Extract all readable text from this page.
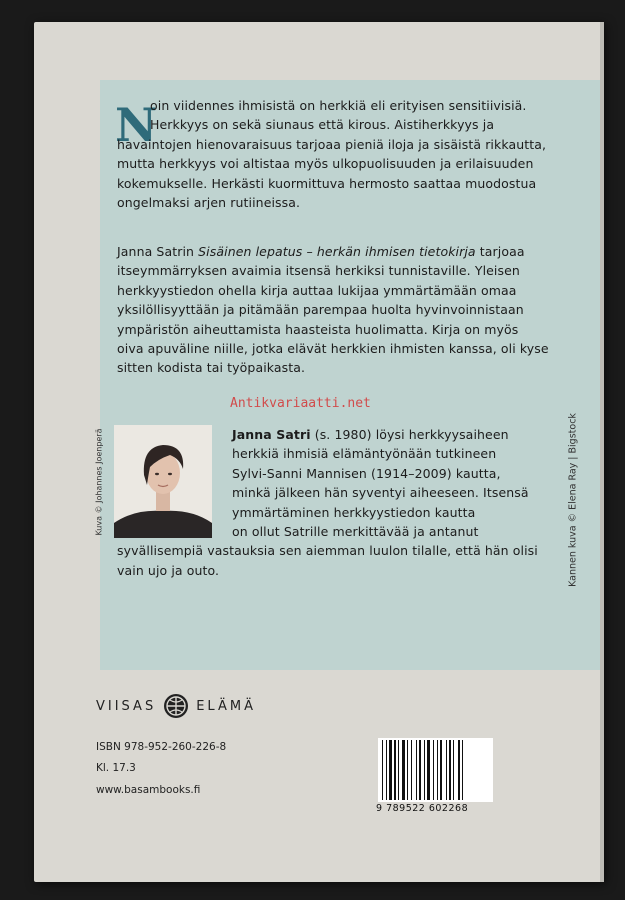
N
oin viidennes ihmisistä on herkkiä eli erityisen sensitiivisiä.
Herkkyys on sekä siunaus että kirous. Aistiherkkyys ja
havaintojen hienovaraisuus tarjoaa pieniä iloja ja sisäistä rikkautta,
mutta herkkyys voi altistaa myös ulkopuolisuuden ja erilaisuuden
kokemukselle. Herkästi kuormittuva hermosto saattaa muodostua
ongelmaksi arjen rutiineissa.
Janna Satrin Sisäinen lepatus – herkän ihmisen tietokirja tarjoaa
itseymmärryksen avaimia itsensä herkiksi tunnistaville. Yleisen
herkkyystiedon ohella kirja auttaa lukijaa ymmärtämään omaa
yksilöllisyyttään ja pitämään parempaa huolta hyvinvoinnistaan
ympäristön aiheuttamista haasteista huolimatta. Kirja on myös
oiva apuväline niille, jotka elävät herkkien ihmisten kanssa, oli kyse
sitten kodista tai työpaikasta.
Janna Satri (s. 1980) löysi herkkyysaiheen
herkkiä ihmisiä elämäntyönään tutkineen
Sylvi-Sanni Mannisen (1914–2009) kautta,
minkä jälkeen hän syventyi aiheeseen. Itsensä
ymmärtäminen herkkyystiedon kautta
on ollut Satrille merkittävää ja antanut
syvällisempiä vastauksia sen aiemman luulon tilalle, että hän olisi
vain ujo ja outo.
Kuva © Johannes Joenperä	Kannen kuva © Elena Ray | Bigstock
Antikvariaatti.net
VIISAS	ELÄMÄ
ISBN 978-952-260-226-8
Kl. 17.3
www.basambooks.fi
9 789522 602268
